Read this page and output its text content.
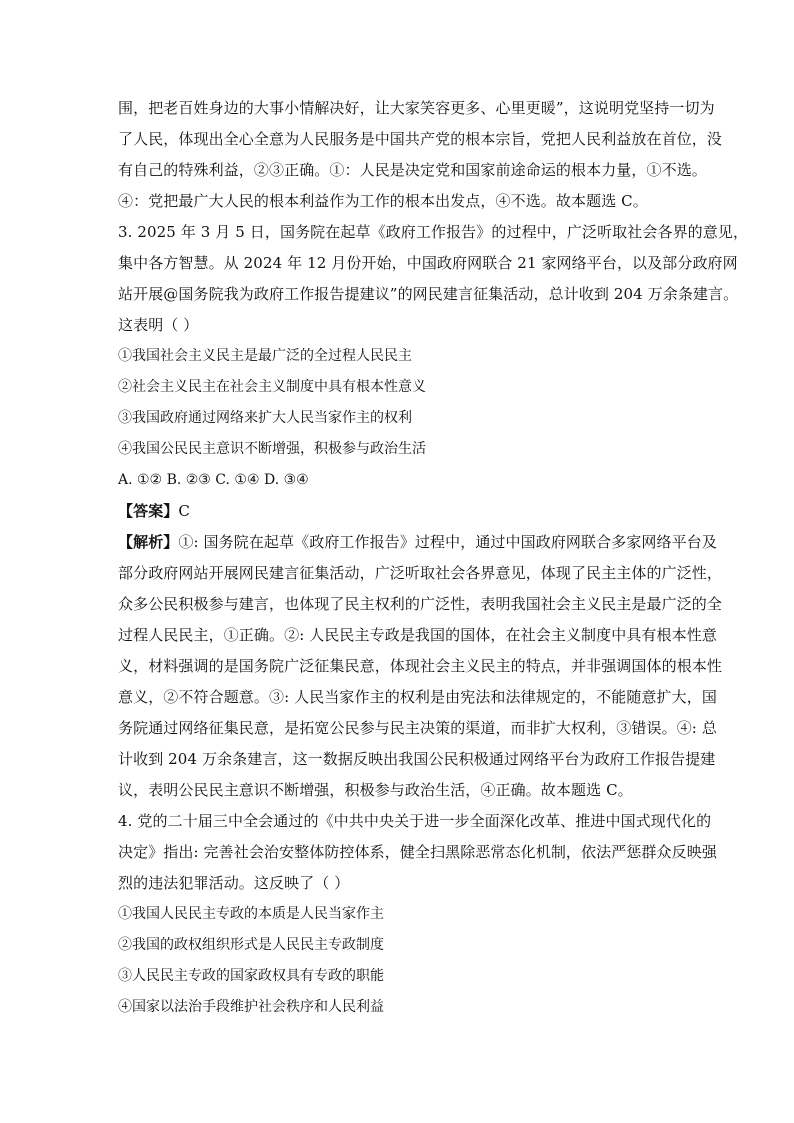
围，把老百姓身边的大事小情解决好，让大家笑容更多、心里更暖”，这说明党坚持一切为
了人民，体现出全心全意为人民服务是中国共产党的根本宗旨，党把人民利益放在首位，没
有自己的特殊利益，②③正确。①：人民是决定党和国家前途命运的根本力量，①不选。
④：党把最广大人民的根本利益作为工作的根本出发点，④不选。故本题选 C。
3. 2025 年 3 月 5 日，国务院在起草《政府工作报告》的过程中，广泛听取社会各界的意见，
集中各方智慧。从 2024 年 12 月份开始，中国政府网联合 21 家网络平台，以及部分政府网
站开展@国务院我为政府工作报告提建议”的网民建言征集活动，总计收到 204 万余条建言。
这表明（ ）
①我国社会主义民主是最广泛的全过程人民民主
②社会主义民主在社会主义制度中具有根本性意义
③我国政府通过网络来扩大人民当家作主的权利
④我国公民民主意识不断增强，积极参与政治生活
A. ①② B. ②③ C. ①④ D. ③④
【答案】C
【解析】①: 国务院在起草《政府工作报告》过程中，通过中国政府网联合多家网络平台及
部分政府网站开展网民建言征集活动，广泛听取社会各界意见，体现了民主主体的广泛性，
众多公民积极参与建言，也体现了民主权利的广泛性，表明我国社会主义民主是最广泛的全
过程人民民主，①正确。②: 人民民主专政是我国的国体，在社会主义制度中具有根本性意
义，材料强调的是国务院广泛征集民意，体现社会主义民主的特点，并非强调国体的根本性
意义，②不符合题意。③: 人民当家作主的权利是由宪法和法律规定的，不能随意扩大，国
务院通过网络征集民意，是拓宽公民参与民主决策的渠道，而非扩大权利，③错误。④: 总
计收到 204 万余条建言，这一数据反映出我国公民积极通过网络平台为政府工作报告提建
议，表明公民民主意识不断增强，积极参与政治生活，④正确。故本题选 C。
4. 党的二十届三中全会通过的《中共中央关于进一步全面深化改革、推进中国式现代化的
决定》指出: 完善社会治安整体防控体系，健全扫黑除恶常态化机制，依法严惩群众反映强
烈的违法犯罪活动。这反映了（ ）
①我国人民民主专政的本质是人民当家作主
②我国的政权组织形式是人民民主专政制度
③人民民主专政的国家政权具有专政的职能
④国家以法治手段维护社会秩序和人民利益
